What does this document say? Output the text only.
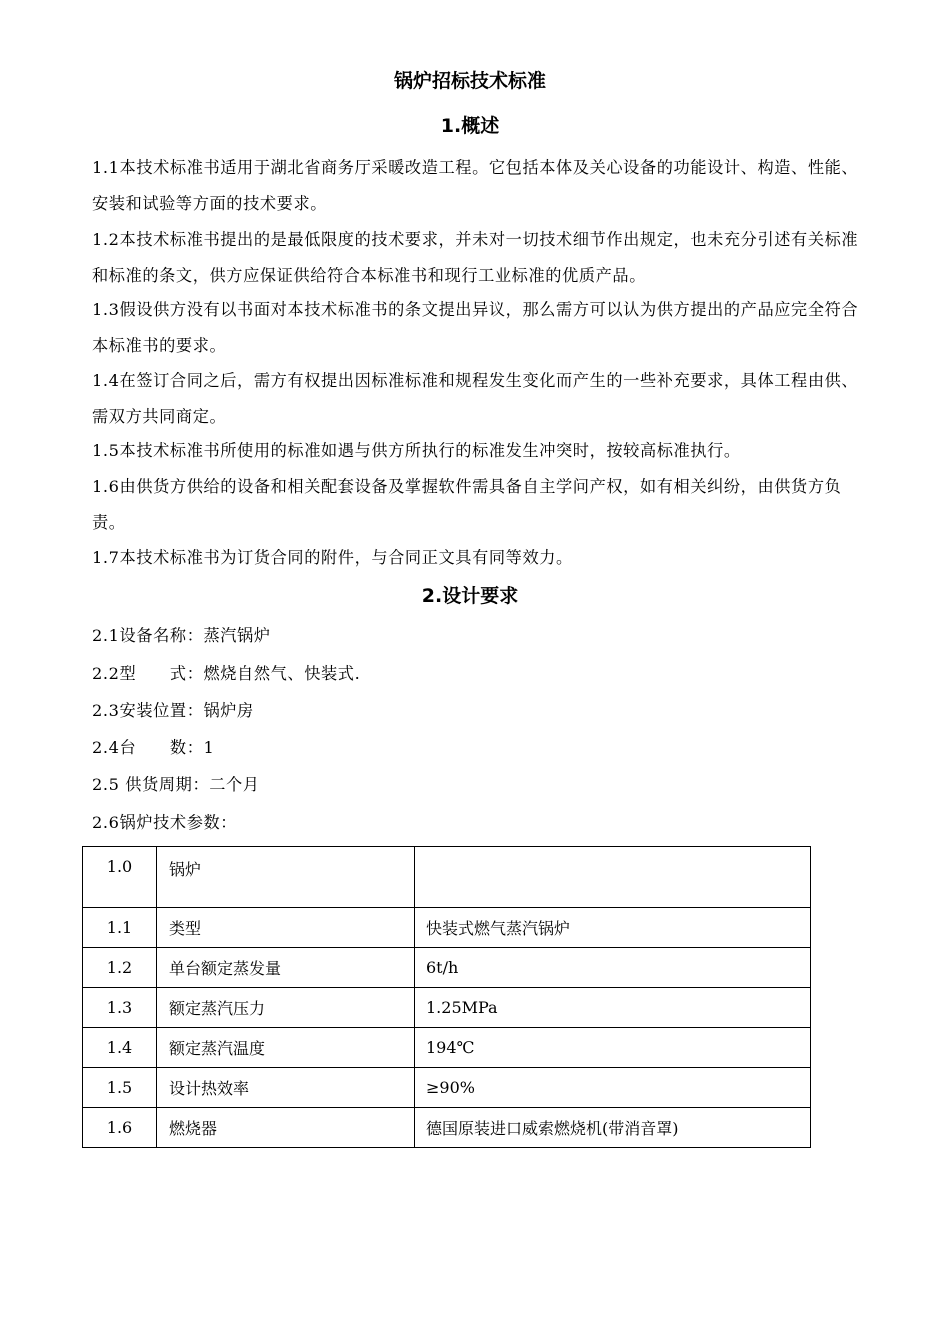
锅炉招标技术标准
1.概述
1.1本技术标准书适用于湖北省商务厅采暖改造工程。它包括本体及关心设备的功能设计、构造、性能、安装和试验等方面的技术要求。
1.2本技术标准书提出的是最低限度的技术要求，并未对一切技术细节作出规定，也未充分引述有关标准和标准的条文，供方应保证供给符合本标准书和现行工业标准的优质产品。
1.3假设供方没有以书面对本技术标准书的条文提出异议，那么需方可以认为供方提出的产品应完全符合本标准书的要求。
1.4在签订合同之后，需方有权提出因标准标准和规程发生变化而产生的一些补充要求，具体工程由供、需双方共同商定。
1.5本技术标准书所使用的标准如遇与供方所执行的标准发生冲突时，按较高标准执行。
1.6由供货方供给的设备和相关配套设备及掌握软件需具备自主学问产权，如有相关纠纷，由供货方负责。
1.7本技术标准书为订货合同的附件，与合同正文具有同等效力。
2.设计要求
2.1设备名称：蒸汽锅炉
2.2型　　式：燃烧自然气、快装式.
2.3安装位置：锅炉房
2.4台　　数：1
2.5 供货周期：二个月
2.6锅炉技术参数：
1.0	锅炉	
1.1	类型	快装式燃气蒸汽锅炉
1.2	单台额定蒸发量	6t/h
1.3	额定蒸汽压力	1.25MPa
1.4	额定蒸汽温度	194℃
1.5	设计热效率	≥90%
1.6	燃烧器	德国原装进口威索燃烧机(带消音罩)
